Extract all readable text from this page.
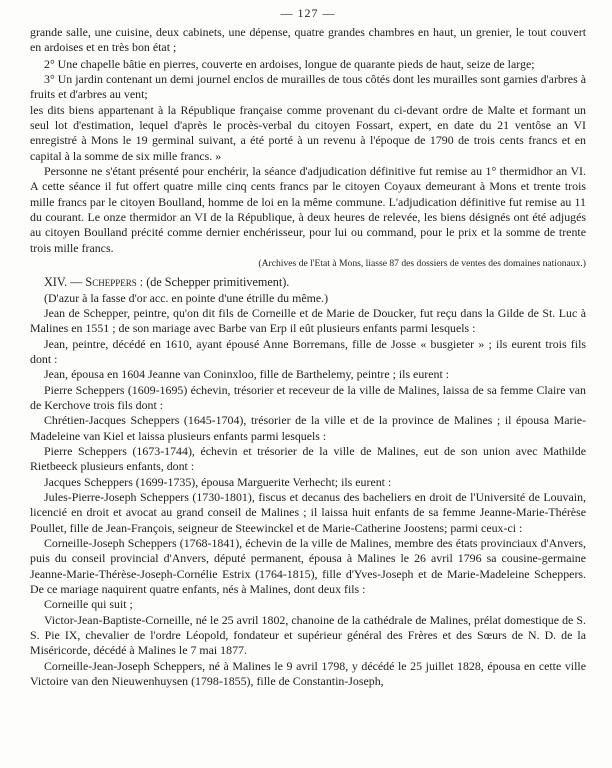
— 127 —

grande salle, une cuisine, deux cabinets, une dépense, quatre grandes chambres en haut, un grenier, le tout couvert en ardoises et en très bon état ;

2° Une chapelle bâtie en pierres, couverte en ardoises, longue de quarante pieds de haut, seize de large;

3° Un jardin contenant un demi journel enclos de murailles de tous côtés dont les murailles sont garnies d'arbres à fruits et d'arbres au vent;

les dits biens appartenant à la République française comme provenant du ci-devant ordre de Malte et formant un seul lot d'estimation, lequel d'après le procès-verbal du citoyen Fossart, expert, en date du 21 ventôse an VI enregistré à Mons le 19 germinal suivant, a été porté à un revenu à l'époque de 1790 de trois cents francs et en capital à la somme de six mille francs. »

Personne ne s'étant présenté pour enchérir, la séance d'adjudication définitive fut remise au 1° thermidhor an VI. A cette séance il fut offert quatre mille cinq cents francs par le citoyen Coyaux demeurant à Mons et trente trois mille francs par le citoyen Boulland, homme de loi en la même commune. L'adjudication définitive fut remise au 11 du courant. Le onze thermidor an VI de la République, à deux heures de relevée, les biens désignés ont été adjugés au citoyen Boulland précité comme dernier enchérisseur, pour lui ou command, pour le prix et la somme de trente trois mille francs.

(Archives de l'Etat à Mons, liasse 87 des dossiers de ventes des domaines nationaux.)

XIV. — Scheppers : (de Schepper primitivement).

(D'azur à la fasse d'or acc. en pointe d'une étrille du même.)

Jean de Schepper, peintre, qu'on dit fils de Corneille et de Marie de Doucker, fut reçu dans la Gilde de St. Luc à Malines en 1551 ; de son mariage avec Barbe van Erp il eût plusieurs enfants parmi lesquels :

Jean, peintre, décédé en 1610, ayant épousé Anne Borremans, fille de Josse « busgieter » ; ils eurent trois fils dont :

Jean, épousa en 1604 Jeanne van Coninxloo, fille de Barthelemy, peintre ; ils eurent :

Pierre Scheppers (1609-1695) échevin, trésorier et receveur de la ville de Malines, laissa de sa femme Claire van de Kerchove trois fils dont :

Chrétien-Jacques Scheppers (1645-1704), trésorier de la ville et de la province de Malines ; il épousa Marie-Madeleine van Kiel et laissa plusieurs enfants parmi lesquels :

Pierre Scheppers (1673-1744), échevin et trésorier de la ville de Malines, eut de son union avec Mathilde Rietbeeck plusieurs enfants, dont :

Jacques Scheppers (1699-1735), épousa Marguerite Verhecht; ils eurent :

Jules-Pierre-Joseph Scheppers (1730-1801), fiscus et decanus des bacheliers en droit de l'Université de Louvain, licencié en droit et avocat au grand conseil de Malines ; il laissa huit enfants de sa femme Jeanne-Marie-Thérèse Poullet, fille de Jean-François, seigneur de Steewinckel et de Marie-Catherine Joostens; parmi ceux-ci :

Corneille-Joseph Scheppers (1768-1841), échevin de la ville de Malines, membre des états provinciaux d'Anvers, puis du conseil provincial d'Anvers, député permanent, épousa à Malines le 26 avril 1796 sa cousine-germaine Jeanne-Marie-Thérèse-Joseph-Cornélie Estrix (1764-1815), fille d'Yves-Joseph et de Marie-Madeleine Scheppers. De ce mariage naquirent quatre enfants, nés à Malines, dont deux fils :

Corneille qui suit ;

Victor-Jean-Baptiste-Corneille, né le 25 avril 1802, chanoine de la cathédrale de Malines, prélat domestique de S. S. Pie IX, chevalier de l'ordre Léopold, fondateur et supérieur général des Frères et des Sœurs de N. D. de la Miséricorde, décédé à Malines le 7 mai 1877.

Corneille-Jean-Joseph Scheppers, né à Malines le 9 avril 1798, y décédé le 25 juillet 1828, épousa en cette ville Victoire van den Nieuwenhuysen (1798-1855), fille de Constantin-Joseph,
